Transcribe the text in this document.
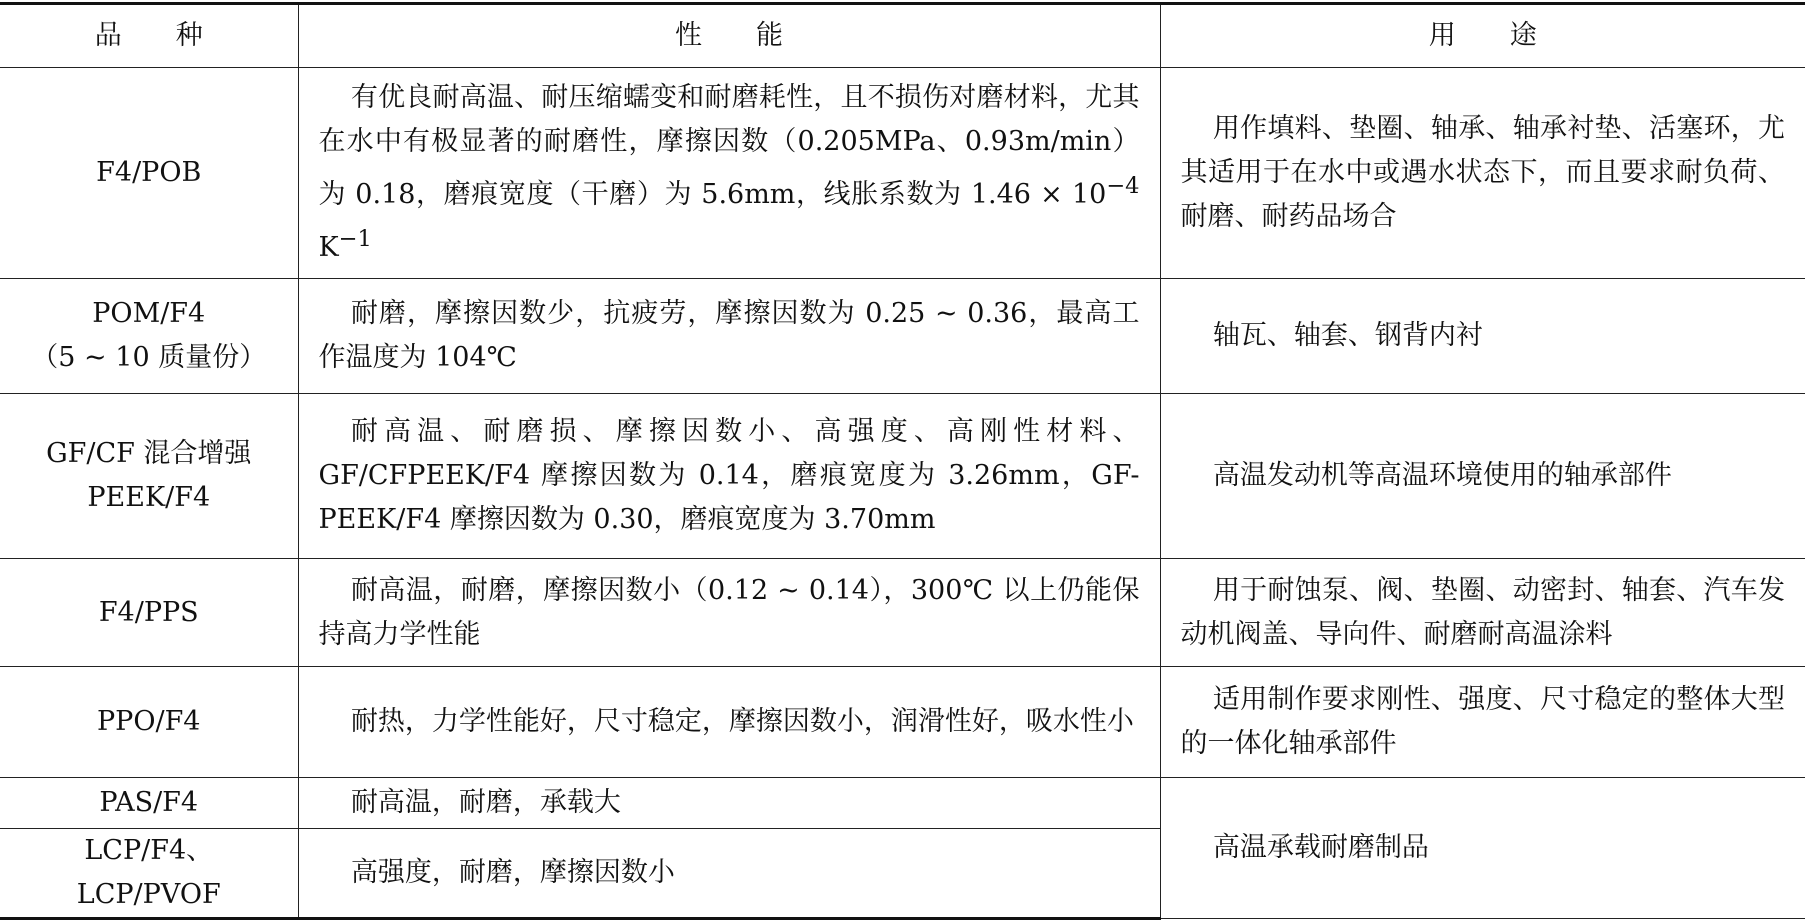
品　　种	性　　能	用　　途
F4/POB	有优良耐高温、耐压缩蠕变和耐磨耗性，且不损伤对磨材料，尤其在水中有极显著的耐磨性，摩擦因数（0.205MPa、0.93m/min）为 0.18，磨痕宽度（干磨）为 5.6mm，线胀系数为 $1.46 \times 10^{-4}$ $K^{-1}$	用作填料、垫圈、轴承、轴承衬垫、活塞环，尤其适用于在水中或遇水状态下，而且要求耐负荷、耐磨、耐药品场合
POM/F4
（5 ~ 10 质量份）	耐磨，摩擦因数少，抗疲劳，摩擦因数为 0.25 ~ 0.36，最高工作温度为 104℃	轴瓦、轴套、钢背内衬
GF/CF 混合增强
PEEK/F4	耐高温、耐磨损、摩擦因数小、高强度、高刚性材料、GF/CFPEEK/F4 摩擦因数为 0.14，磨痕宽度为 3.26mm，GF-PEEK/F4 摩擦因数为 0.30，磨痕宽度为 3.70mm	高温发动机等高温环境使用的轴承部件
F4/PPS	耐高温，耐磨，摩擦因数小（0.12 ~ 0.14），300℃ 以上仍能保持高力学性能	用于耐蚀泵、阀、垫圈、动密封、轴套、汽车发动机阀盖、导向件、耐磨耐高温涂料
PPO/F4	耐热，力学性能好，尺寸稳定，摩擦因数小，润滑性好，吸水性小	适用制作要求刚性、强度、尺寸稳定的整体大型的一体化轴承部件
PAS/F4	耐高温，耐磨，承载大	高温承载耐磨制品
LCP/F4、LCP/PVOF	高强度，耐磨，摩擦因数小	
